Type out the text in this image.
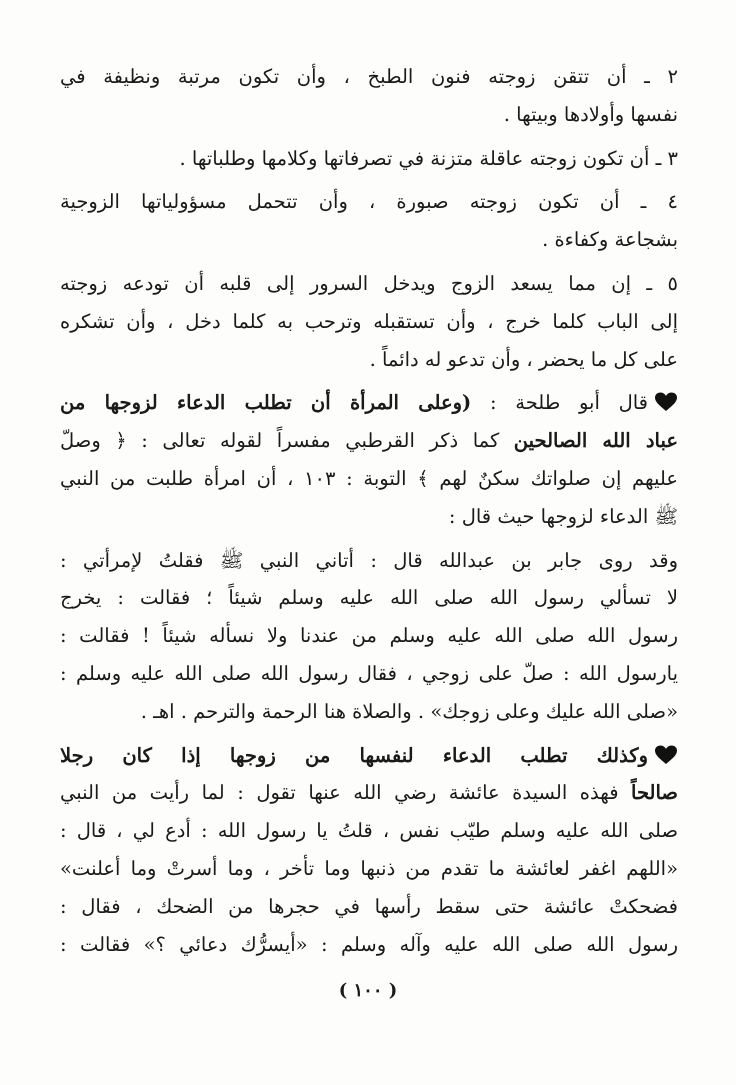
٢ ـ أن تتقن زوجته فنون الطبخ ، وأن تكون مرتبة ونظيفة في
نفسها وأولادها وبيتها .
٣ ـ أن تكون زوجته عاقلة متزنة في تصرفاتها وكلامها وطلباتها .
٤ ـ أن تكون زوجته صبورة ، وأن تتحمل مسؤولياتها الزوجية
بشجاعة وكفاءة .
٥ ـ إن مما يسعد الزوج ويدخل السرور إلى قلبه أن تودعه زوجته
إلى الباب كلما خرج ، وأن تستقبله وترحب به كلما دخل ، وأن تشكره
على كل ما يحضر ، وأن تدعو له دائماً .
قال أبو طلحة : (وعلى المرأة أن تطلب الدعاء لزوجها من
عباد الله الصالحين كما ذكر القرطبي مفسراً لقوله تعالى : ﴿ وصلّ
عليهم إن صلواتك سكنٌ لهم ﴾ التوبة : ١٠٣ ، أن امرأة طلبت من النبي
ﷺ الدعاء لزوجها حيث قال :
وقد روى جابر بن عبدالله قال : أتاني النبي ﷺ فقلتُ لإمرأتي :
لا تسألي رسول الله صلى الله عليه وسلم شيئاً ؛ فقالت : يخرج
رسول الله صلى الله عليه وسلم من عندنا ولا نسأله شيئاً ! فقالت :
يارسول الله : صلّ على زوجي ، فقال رسول الله صلى الله عليه وسلم :
«صلى الله عليك وعلى زوجك» . والصلاة هنا الرحمة والترحم . اهـ .
وكذلك تطلب الدعاء لنفسها من زوجها إذا كان رجلا
صالحاً فهذه السيدة عائشة رضي الله عنها تقول : لما رأيت من النبي
صلى الله عليه وسلم طيّب نفس ، قلتُ يا رسول الله : أدع لي ، قال :
«اللهم اغفر لعائشة ما تقدم من ذنبها وما تأخر ، وما أسرتْ وما أعلنت»
فضحكتْ عائشة حتى سقط رأسها في حجرها من الضحك ، فقال :
رسول الله صلى الله عليه وآله وسلم : «أيسرُّك دعائي ؟» فقالت :
( ١٠٠ )
